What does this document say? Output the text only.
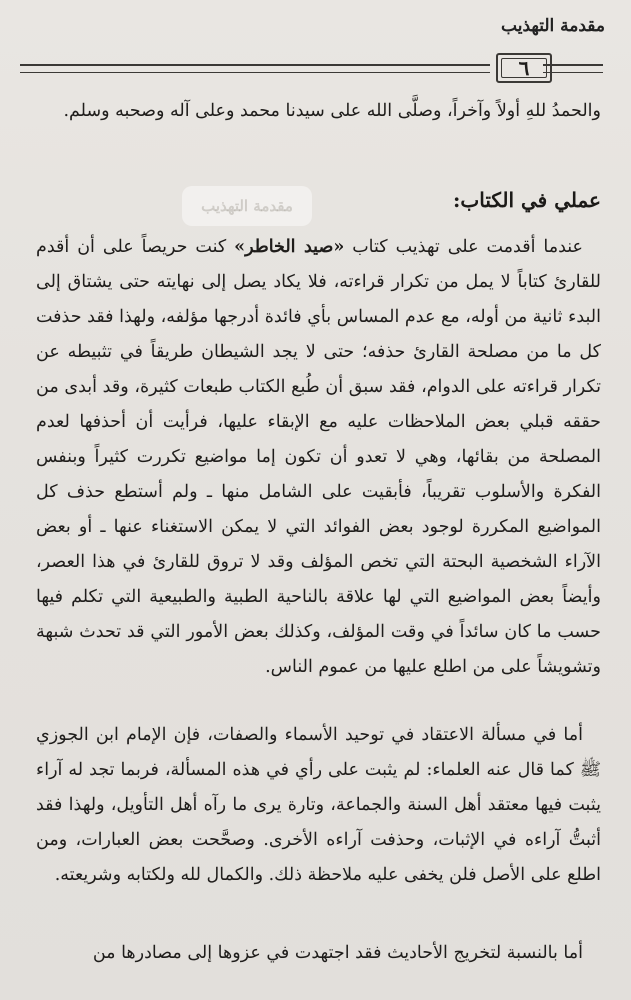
مقدمة التهذيب
٦
مقدمة التهذيب
والحمدُ للهِ أولاً وآخراً، وصلَّى الله على سيدنا محمد وعلى آله وصحبه وسلم.
عملي في الكتاب:
عندما أقدمت على تهذيب كتاب «صيد الخاطر» كنت حريصاً على أن أقدم للقارئ كتاباً لا يمل من تكرار قراءته، فلا يكاد يصل إلى نهايته حتى يشتاق إلى البدء ثانية من أوله، مع عدم المساس بأي فائدة أدرجها مؤلفه، ولهذا فقد حذفت كل ما من مصلحة القارئ حذفه؛ حتى لا يجد الشيطان طريقاً في تثبيطه عن تكرار قراءته على الدوام، فقد سبق أن طُبع الكتاب طبعات كثيرة، وقد أبدى من حققه قبلي بعض الملاحظات عليه مع الإبقاء عليها، فرأيت أن أحذفها لعدم المصلحة من بقائها، وهي لا تعدو أن تكون إما مواضيع تكررت كثيراً وبنفس الفكرة والأسلوب تقريباً، فأبقيت على الشامل منها ـ ولم أستطع حذف كل المواضيع المكررة لوجود بعض الفوائد التي لا يمكن الاستغناء عنها ـ أو بعض الآراء الشخصية البحتة التي تخص المؤلف وقد لا تروق للقارئ في هذا العصر، وأيضاً بعض المواضيع التي لها علاقة بالناحية الطبية والطبيعية التي تكلم فيها حسب ما كان سائداً في وقت المؤلف، وكذلك بعض الأمور التي قد تحدث شبهة وتشويشاً على من اطلع عليها من عموم الناس.
أما في مسألة الاعتقاد في توحيد الأسماء والصفات، فإن الإمام ابن الجوزي ﷺ كما قال عنه العلماء: لم يثبت على رأي في هذه المسألة، فربما تجد له آراء يثبت فيها معتقد أهل السنة والجماعة، وتارة يرى ما رآه أهل التأويل، ولهذا فقد أثبتُّ آراءه في الإثبات، وحذفت آراءه الأخرى. وصحَّحت بعض العبارات، ومن اطلع على الأصل فلن يخفى عليه ملاحظة ذلك. والكمال لله ولكتابه وشريعته.
أما بالنسبة لتخريج الأحاديث فقد اجتهدت في عزوها إلى مصادرها من
